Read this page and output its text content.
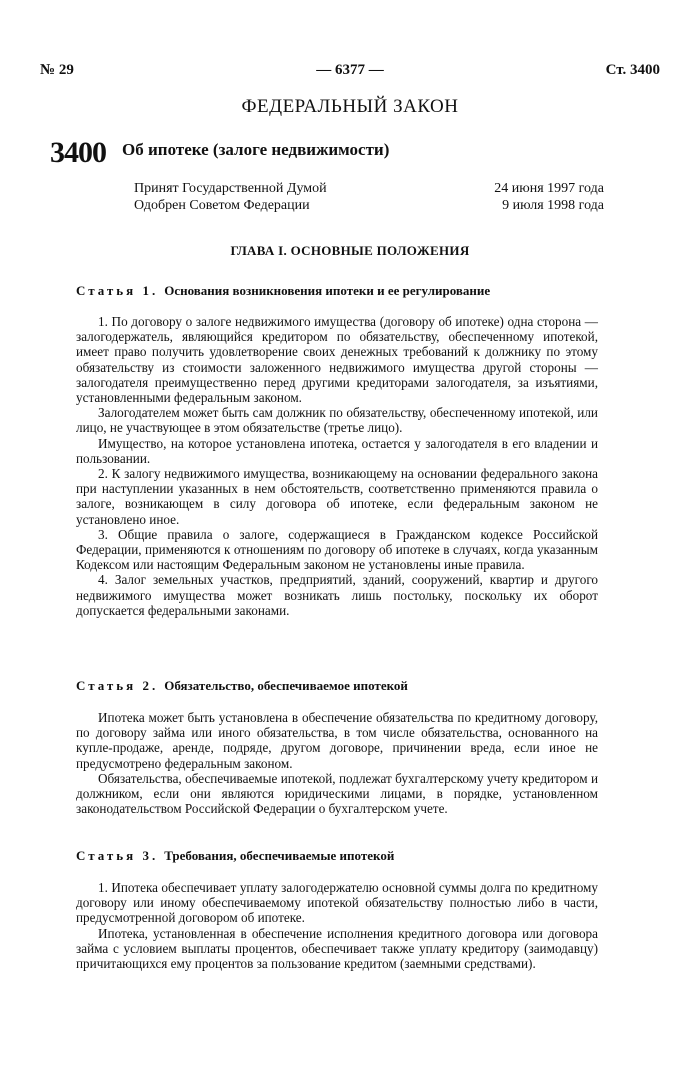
№ 29	— 6377 —	Ст. 3400
ФЕДЕРАЛЬНЫЙ ЗАКОН
3400 Об ипотеке (залоге недвижимости)
Принят Государственной Думой	24 июня 1997 года
Одобрен Советом Федерации	9 июля 1998 года
ГЛАВА I. ОСНОВНЫЕ ПОЛОЖЕНИЯ
Статья 1. Основания возникновения ипотеки и ее регулирование

1. По договору о залоге недвижимого имущества (договору об ипотеке) одна сторона — залогодержатель, являющийся кредитором по обязательству, обеспеченному ипотекой, имеет право получить удовлетворение своих денежных требований к должнику по этому обязательству из стоимости заложенного недвижимого имущества другой стороны — залогодателя преимущественно перед другими кредиторами залогодателя, за изъятиями, установленными федеральным законом.

Залогодателем может быть сам должник по обязательству, обеспеченному ипотекой, или лицо, не участвующее в этом обязательстве (третье лицо).

Имущество, на которое установлена ипотека, остается у залогодателя в его владении и пользовании.

2. К залогу недвижимого имущества, возникающему на основании федерального закона при наступлении указанных в нем обстоятельств, соответственно применяются правила о залоге, возникающем в силу договора об ипотеке, если федеральным законом не установлено иное.

3. Общие правила о залоге, содержащиеся в Гражданском кодексе Российской Федерации, применяются к отношениям по договору об ипотеке в случаях, когда указанным Кодексом или настоящим Федеральным законом не установлены иные правила.

4. Залог земельных участков, предприятий, зданий, сооружений, квартир и другого недвижимого имущества может возникать лишь постольку, поскольку их оборот допускается федеральными законами.

Статья 2. Обязательство, обеспечиваемое ипотекой

Ипотека может быть установлена в обеспечение обязательства по кредитному договору, по договору займа или иного обязательства, в том числе обязательства, основанного на купле-продаже, аренде, подряде, другом договоре, причинении вреда, если иное не предусмотрено федеральным законом.

Обязательства, обеспечиваемые ипотекой, подлежат бухгалтерскому учету кредитором и должником, если они являются юридическими лицами, в порядке, установленном законодательством Российской Федерации о бухгалтерском учете.

Статья 3. Требования, обеспечиваемые ипотекой

1. Ипотека обеспечивает уплату залогодержателю основной суммы долга по кредитному договору или иному обеспечиваемому ипотекой обязательству полностью либо в части, предусмотренной договором об ипотеке.

Ипотека, установленная в обеспечение исполнения кредитного договора или договора займа с условием выплаты процентов, обеспечивает также уплату кредитору (заимодавцу) причитающихся ему процентов за пользование кредитом (заемными средствами).
